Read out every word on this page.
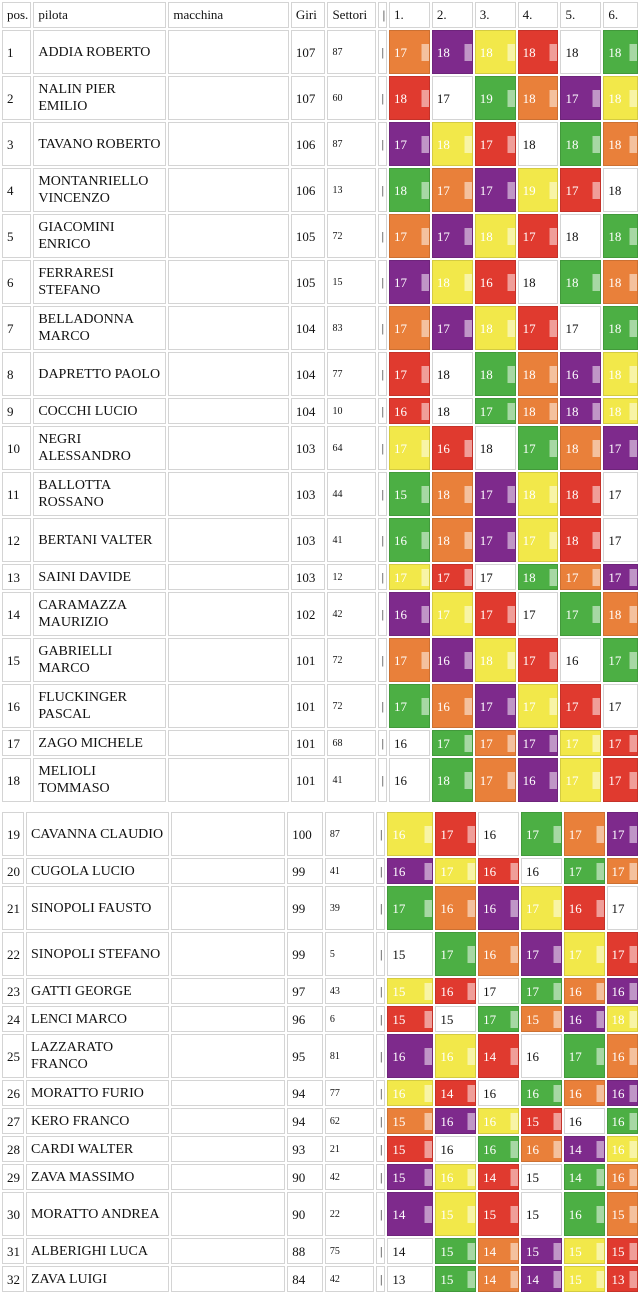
pos.	pilota	macchina	Giri	Settori	|	1.	2.	3.	4.	5.	6.
1	ADDIA ROBERTO		107	87	|	17	18	18	18	18	18

2	NALIN PIER EMILIO		107	60	|	18	17	19	18	17	18

3	TAVANO ROBERTO		106	87	|	17	18	17	18	18	18

4	MONTANRIELLO VINCENZO		106	13	|	18	17	17	19	17	18

5	GIACOMINI ENRICO		105	72	|	17	17	18	17	18	18

6	FERRARESI STEFANO		105	15	|	17	18	16	18	18	18

7	BELLADONNA MARCO		104	83	|	17	17	18	17	17	18

8	DAPRETTO PAOLO		104	77	|	17	18	18	18	16	18

9	COCCHI LUCIO		104	10	|	16	18	17	18	18	18

10	NEGRI ALESSANDRO		103	64	|	17	16	18	17	18	17

11	BALLOTTA ROSSANO		103	44	|	15	18	17	18	18	17

12	BERTANI VALTER		103	41	|	16	18	17	17	18	17

13	SAINI DAVIDE		103	12	|	17	17	17	18	17	17

14	CARAMAZZA MAURIZIO		102	42	|	16	17	17	17	17	18

15	GABRIELLI MARCO		101	72	|	17	16	18	17	16	17

16	FLUCKINGER PASCAL		101	72	|	17	16	17	17	17	17

17	ZAGO MICHELE		101	68	|	16	17	17	17	17	17

18	MELIOLI TOMMASO		101	41	|	16	18	17	16	17	17
19	CAVANNA CLAUDIO		100	87	|	16	17	16	17	17	17

20	CUGOLA LUCIO		99	41	|	16	17	16	16	17	17

21	SINOPOLI FAUSTO		99	39	|	17	16	16	17	16	17

22	SINOPOLI STEFANO		99	5	|	15	17	16	17	17	17

23	GATTI GEORGE		97	43	|	15	16	17	17	16	16

24	LENCI MARCO		96	6	|	15	15	17	15	16	18

25	LAZZARATO FRANCO		95	81	|	16	16	14	16	17	16

26	MORATTO FURIO		94	77	|	16	14	16	16	16	16

27	KERO FRANCO		94	62	|	15	16	16	15	16	16

28	CARDI WALTER		93	21	|	15	16	16	16	14	16

29	ZAVA MASSIMO		90	42	|	15	16	14	15	14	16

30	MORATTO ANDREA		90	22	|	14	15	15	15	16	15

31	ALBERIGHI LUCA		88	75	|	14	15	14	15	15	15

32	ZAVA LUIGI		84	42	|	13	15	14	14	15	13
